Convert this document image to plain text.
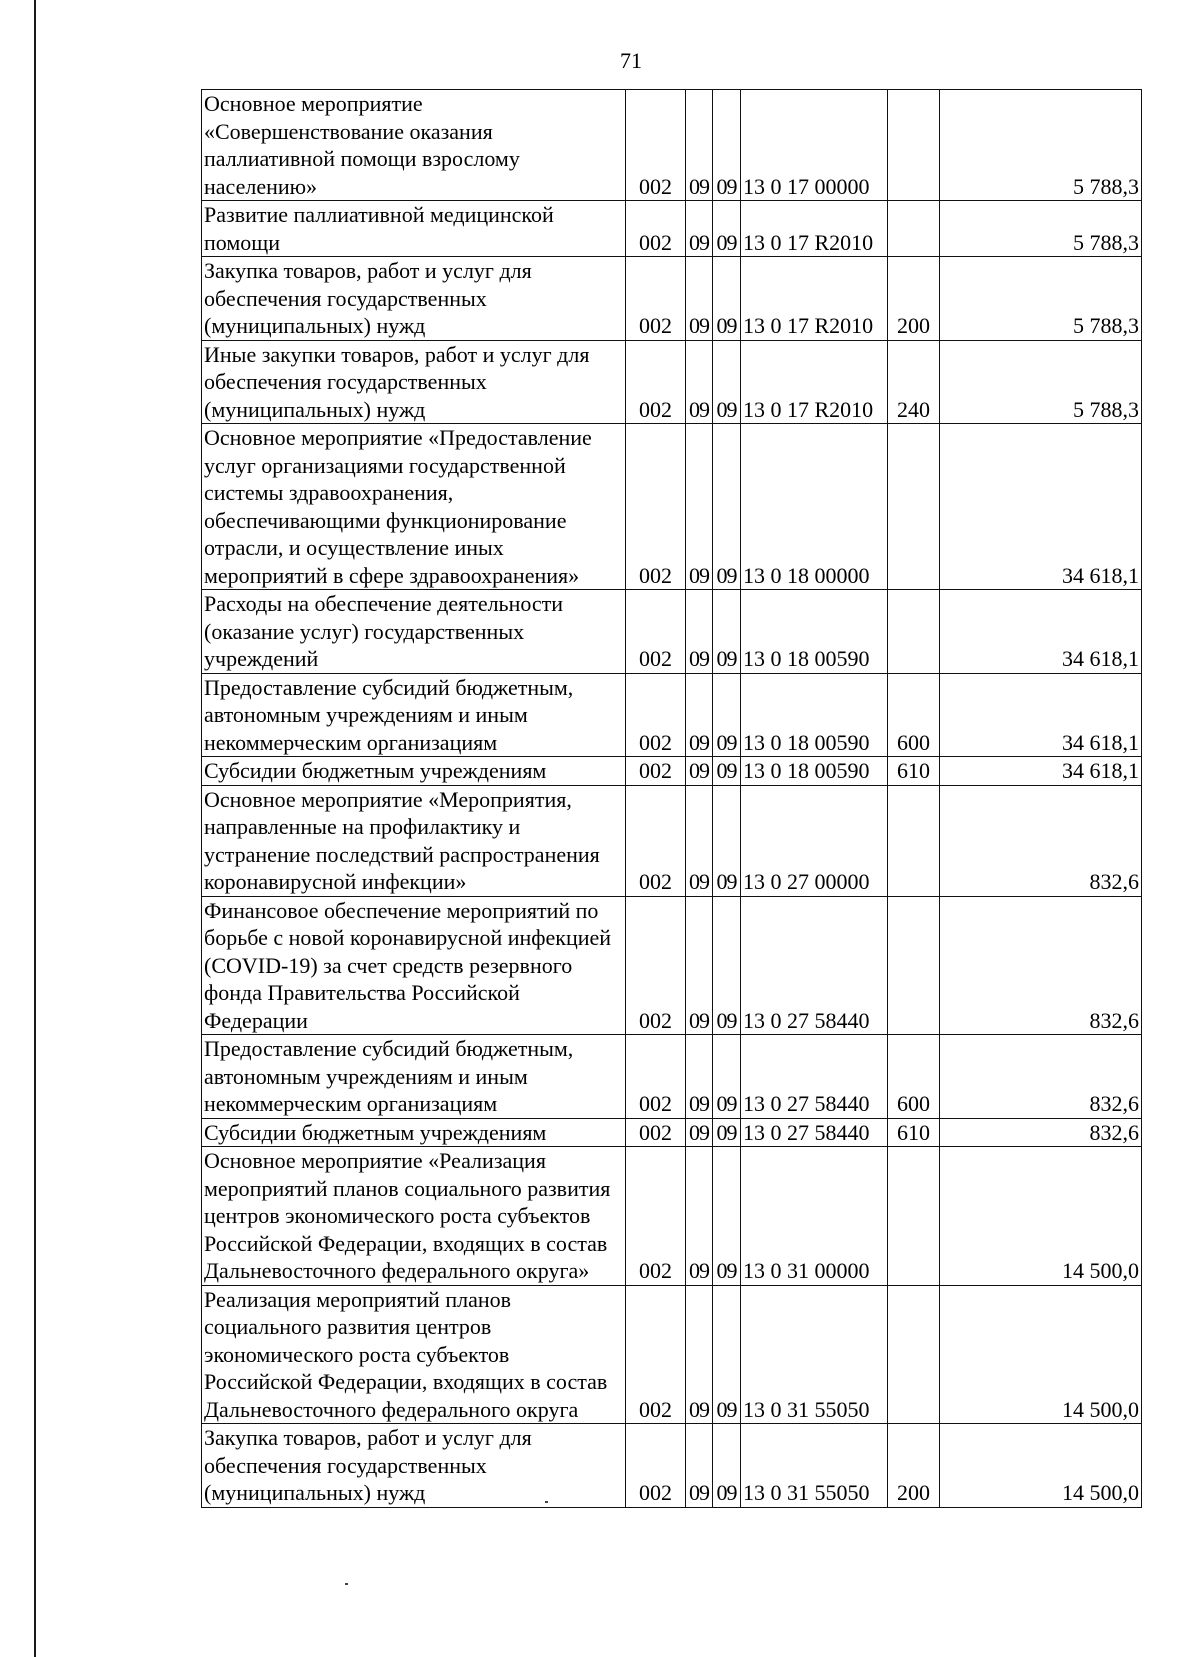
71
Основное мероприятие «Совершенствование оказания паллиативной помощи взрослому населению»	002	09	09	13 0 17 00000		5 788,3
Развитие паллиативной медицинской помощи	002	09	09	13 0 17 R2010		5 788,3
Закупка товаров, работ и услуг для обеспечения государственных (муниципальных) нужд	002	09	09	13 0 17 R2010	200	5 788,3
Иные закупки товаров, работ и услуг для обеспечения государственных (муниципальных) нужд	002	09	09	13 0 17 R2010	240	5 788,3
Основное мероприятие «Предоставление услуг организациями государственной системы здравоохранения, обеспечивающими функционирование отрасли, и осуществление иных мероприятий в сфере здравоохранения»	002	09	09	13 0 18 00000		34 618,1
Расходы на обеспечение деятельности (оказание услуг) государственных учреждений	002	09	09	13 0 18 00590		34 618,1
Предоставление субсидий бюджетным, автономным учреждениям и иным некоммерческим организациям	002	09	09	13 0 18 00590	600	34 618,1
Субсидии бюджетным учреждениям	002	09	09	13 0 18 00590	610	34 618,1
Основное мероприятие «Мероприятия, направленные на профилактику и устранение последствий распространения коронавирусной инфекции»	002	09	09	13 0 27 00000		832,6
Финансовое обеспечение мероприятий по борьбе с новой коронавирусной инфекцией (COVID-19) за счет средств резервного фонда Правительства Российской Федерации	002	09	09	13 0 27 58440		832,6
Предоставление субсидий бюджетным, автономным учреждениям и иным некоммерческим организациям	002	09	09	13 0 27 58440	600	832,6
Субсидии бюджетным учреждениям	002	09	09	13 0 27 58440	610	832,6
Основное мероприятие «Реализация мероприятий планов социального развития центров экономического роста субъектов Российской Федерации, входящих в состав Дальневосточного федерального округа»	002	09	09	13 0 31 00000		14 500,0
Реализация мероприятий планов социального развития центров экономического роста субъектов Российской Федерации, входящих в состав Дальневосточного федерального округа	002	09	09	13 0 31 55050		14 500,0
Закупка товаров, работ и услуг для обеспечения государственных (муниципальных) нужд	002	09	09	13 0 31 55050	200	14 500,0
